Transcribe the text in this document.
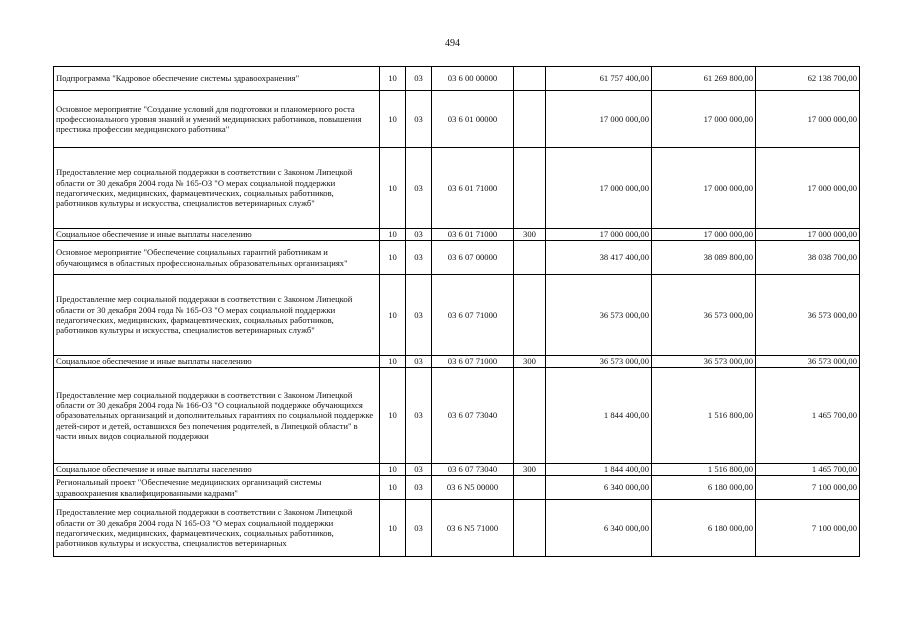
494
Подпрограмма "Кадровое обеспечение системы здравоохранения"	10	03	03 6 00 00000		61 757 400,00	61 269 800,00	62 138 700,00
Основное мероприятие "Создание условий для подготовки и планомерного роста профессионального уровня знаний и умений медицинских работников, повышения престижа профессии медицинского работника"	10	03	03 6 01 00000		17 000 000,00	17 000 000,00	17 000 000,00
Предоставление мер социальной поддержки в соответствии с Законом Липецкой области от 30 декабря 2004 года № 165-ОЗ "О мерах социальной поддержки педагогических, медицинских, фармацевтических, социальных работников, работников культуры и искусства, специалистов ветеринарных служб"	10	03	03 6 01 71000		17 000 000,00	17 000 000,00	17 000 000,00
Социальное обеспечение и иные выплаты населению	10	03	03 6 01 71000	300	17 000 000,00	17 000 000,00	17 000 000,00
Основное мероприятие "Обеспечение социальных гарантий работникам и обучающимся в областных профессиональных образовательных организациях"	10	03	03 6 07 00000		38 417 400,00	38 089 800,00	38 038 700,00
Предоставление мер социальной поддержки в соответствии с Законом Липецкой области от 30 декабря 2004 года № 165-ОЗ "О мерах социальной поддержки педагогических, медицинских, фармацевтических, социальных работников, работников культуры и искусства, специалистов ветеринарных служб"	10	03	03 6 07 71000		36 573 000,00	36 573 000,00	36 573 000,00
Социальное обеспечение и иные выплаты населению	10	03	03 6 07 71000	300	36 573 000,00	36 573 000,00	36 573 000,00
Предоставление мер социальной поддержки в соответствии с Законом Липецкой области от 30 декабря 2004 года № 166-ОЗ "О социальной поддержке обучающихся образовательных организаций и дополнительных гарантиях по социальной поддержке детей-сирот и детей, оставшихся без попечения родителей, в Липецкой области" в части иных видов социальной поддержки	10	03	03 6 07 73040		1 844 400,00	1 516 800,00	1 465 700,00
Социальное обеспечение и иные выплаты населению	10	03	03 6 07 73040	300	1 844 400,00	1 516 800,00	1 465 700,00
Региональный проект "Обеспечение медицинских организаций системы здравоохранения квалифицированными кадрами"	10	03	03 6 N5 00000		6 340 000,00	6 180 000,00	7 100 000,00
Предоставление мер социальной поддержки в соответствии с Законом Липецкой области от 30 декабря 2004 года N 165-ОЗ "О мерах социальной поддержки педагогических, медицинских, фармацевтических, социальных работников, работников культуры и искусства, специалистов ветеринарных	10	03	03 6 N5 71000		6 340 000,00	6 180 000,00	7 100 000,00
